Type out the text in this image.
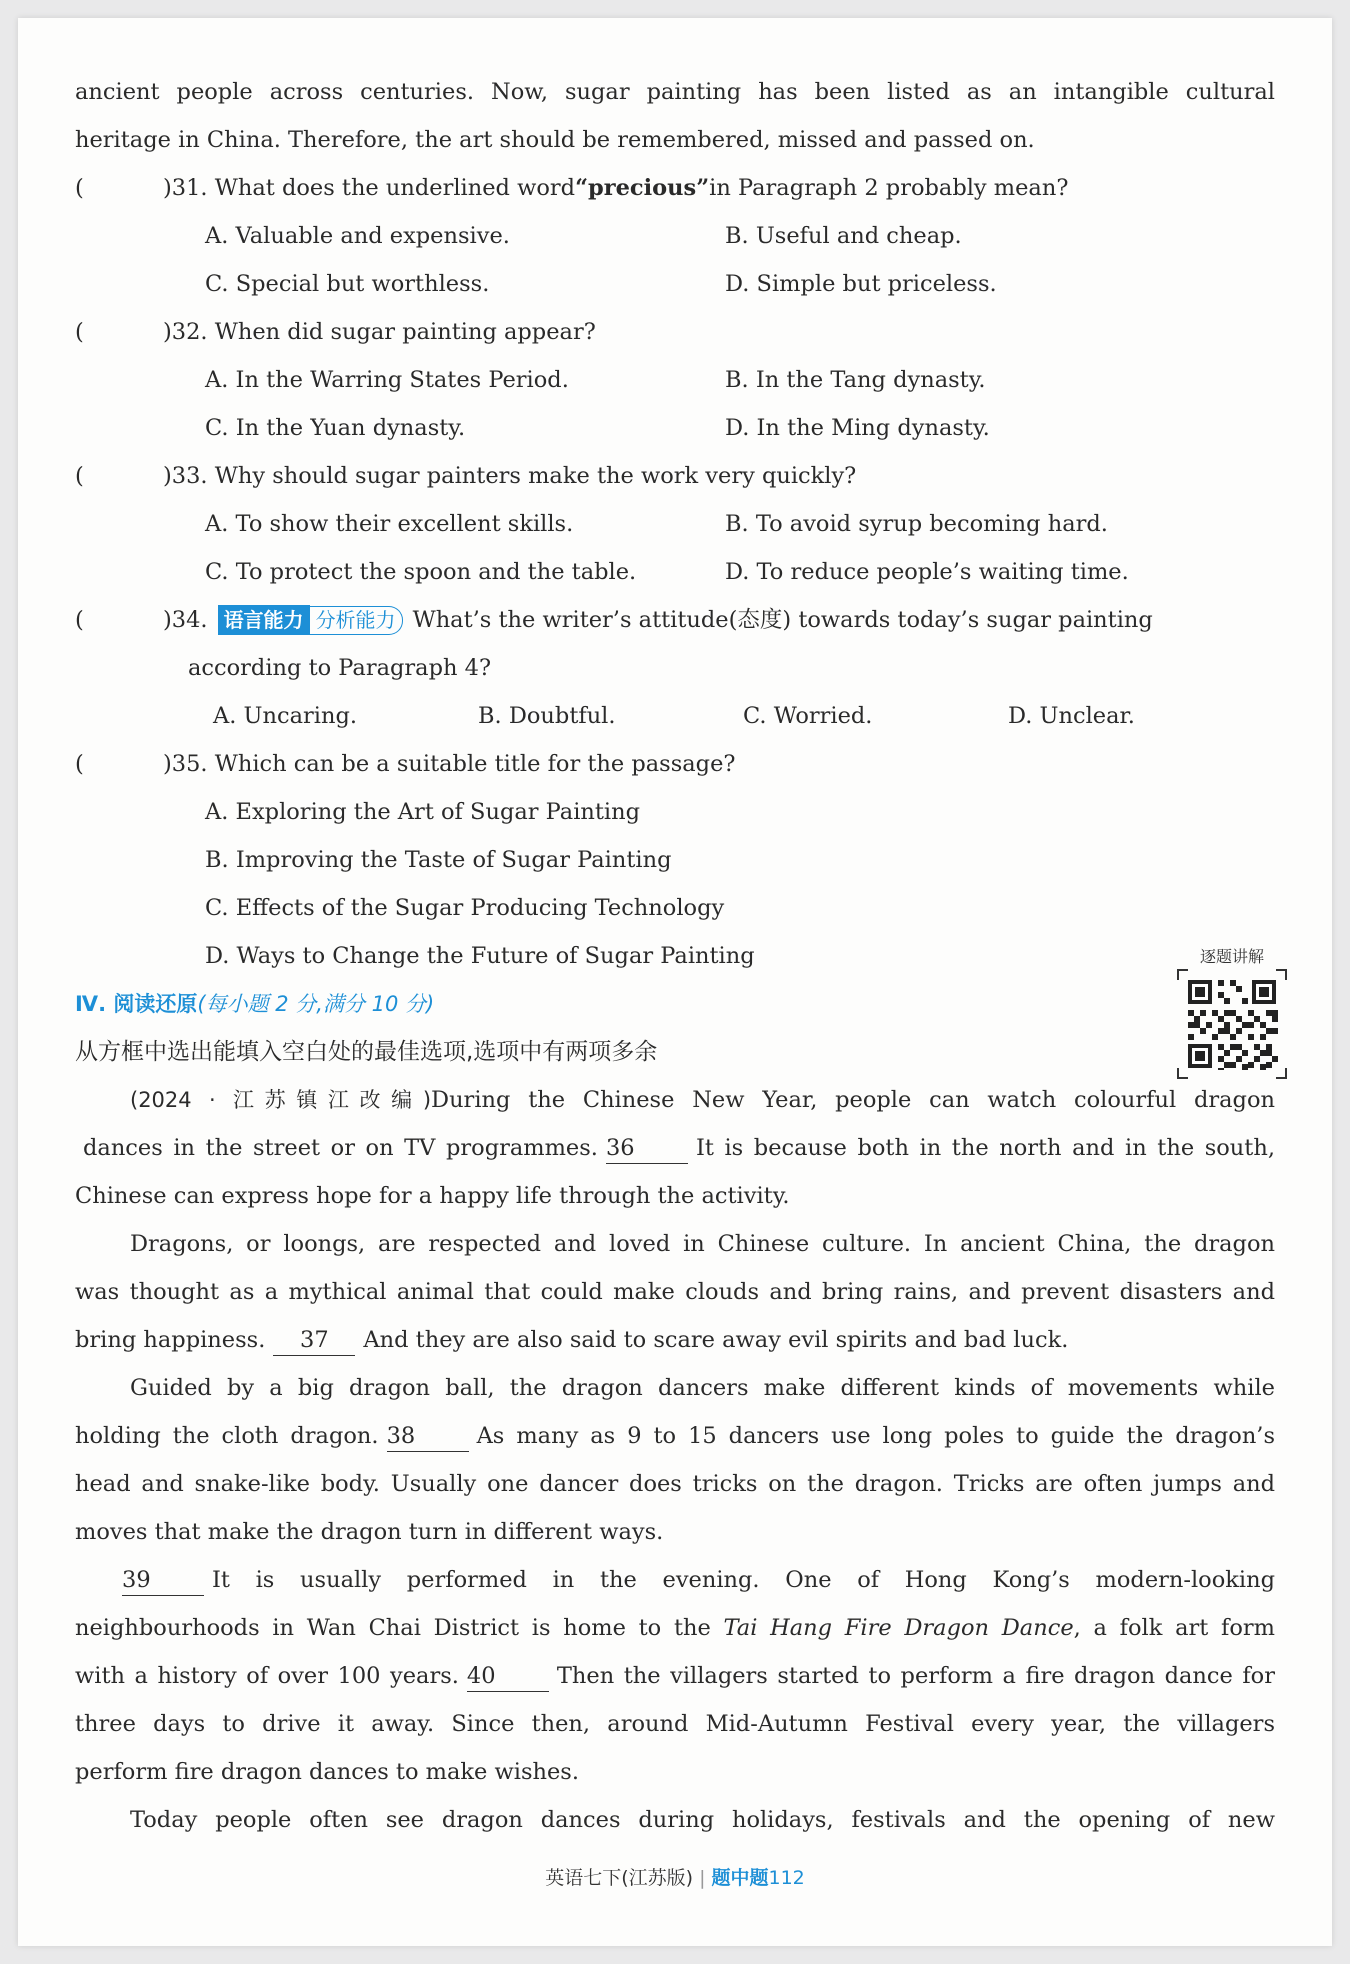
ancient people across centuries. Now, sugar painting has been listed as an intangible cultural
heritage in China. Therefore, the art should be remembered, missed and passed on.
(	)31. What does the underlined word “precious” in Paragraph 2 probably mean?
A. Valuable and expensive.	B. Useful and cheap.
C. Special but worthless.	D. Simple but priceless.
(	)32. When did sugar painting appear?
A. In the Warring States Period.	B. In the Tang dynasty.
C. In the Yuan dynasty.	D. In the Ming dynasty.
(	)33. Why should sugar painters make the work very quickly?
A. To show their excellent skills.	B. To avoid syrup becoming hard.
C. To protect the spoon and the table.	D. To reduce people’s waiting time.
(	)34. 语言能力 分析能力 What’s the writer’s attitude(态度) towards today’s sugar painting
according to Paragraph 4?
A. Uncaring.	B. Doubtful.	C. Worried.	D. Unclear.
(	)35. Which can be a suitable title for the passage?
A. Exploring the Art of Sugar Painting
B. Improving the Taste of Sugar Painting
C. Effects of the Sugar Producing Technology
D. Ways to Change the Future of Sugar Painting
Ⅳ. 阅读还原(每小题 2 分,满分 10 分)
从方框中选出能填入空白处的最佳选项,选项中有两项多余
(2024 · 江苏镇江改编)During the Chinese New Year, people can watch colourful dragon
dances in the street or on TV programmes. 36	It is because both in the north and in the south,
Chinese can express hope for a happy life through the activity.
Dragons, or loongs, are respected and loved in Chinese culture. In ancient China, the dragon
was thought as a mythical animal that could make clouds and bring rains, and prevent disasters and
bring happiness. 37 And they are also said to scare away evil spirits and bad luck.
Guided by a big dragon ball, the dragon dancers make different kinds of movements while
holding the cloth dragon. 38	As many as 9 to 15 dancers use long poles to guide the dragon’s
head and snake-like body. Usually one dancer does tricks on the dragon. Tricks are often jumps and
moves that make the dragon turn in different ways.
39	It is usually performed in the evening. One of Hong Kong’s modern-looking
neighbourhoods in Wan Chai District is home to the Tai Hang Fire Dragon Dance, a folk art form
with a history of over 100 years. 40	Then the villagers started to perform a fire dragon dance for
three days to drive it away. Since then, around Mid-Autumn Festival every year, the villagers
perform fire dragon dances to make wishes.
Today people often see dragon dances during holidays, festivals and the opening of new
逐题讲解
英语七下(江苏版) | 题中题112
